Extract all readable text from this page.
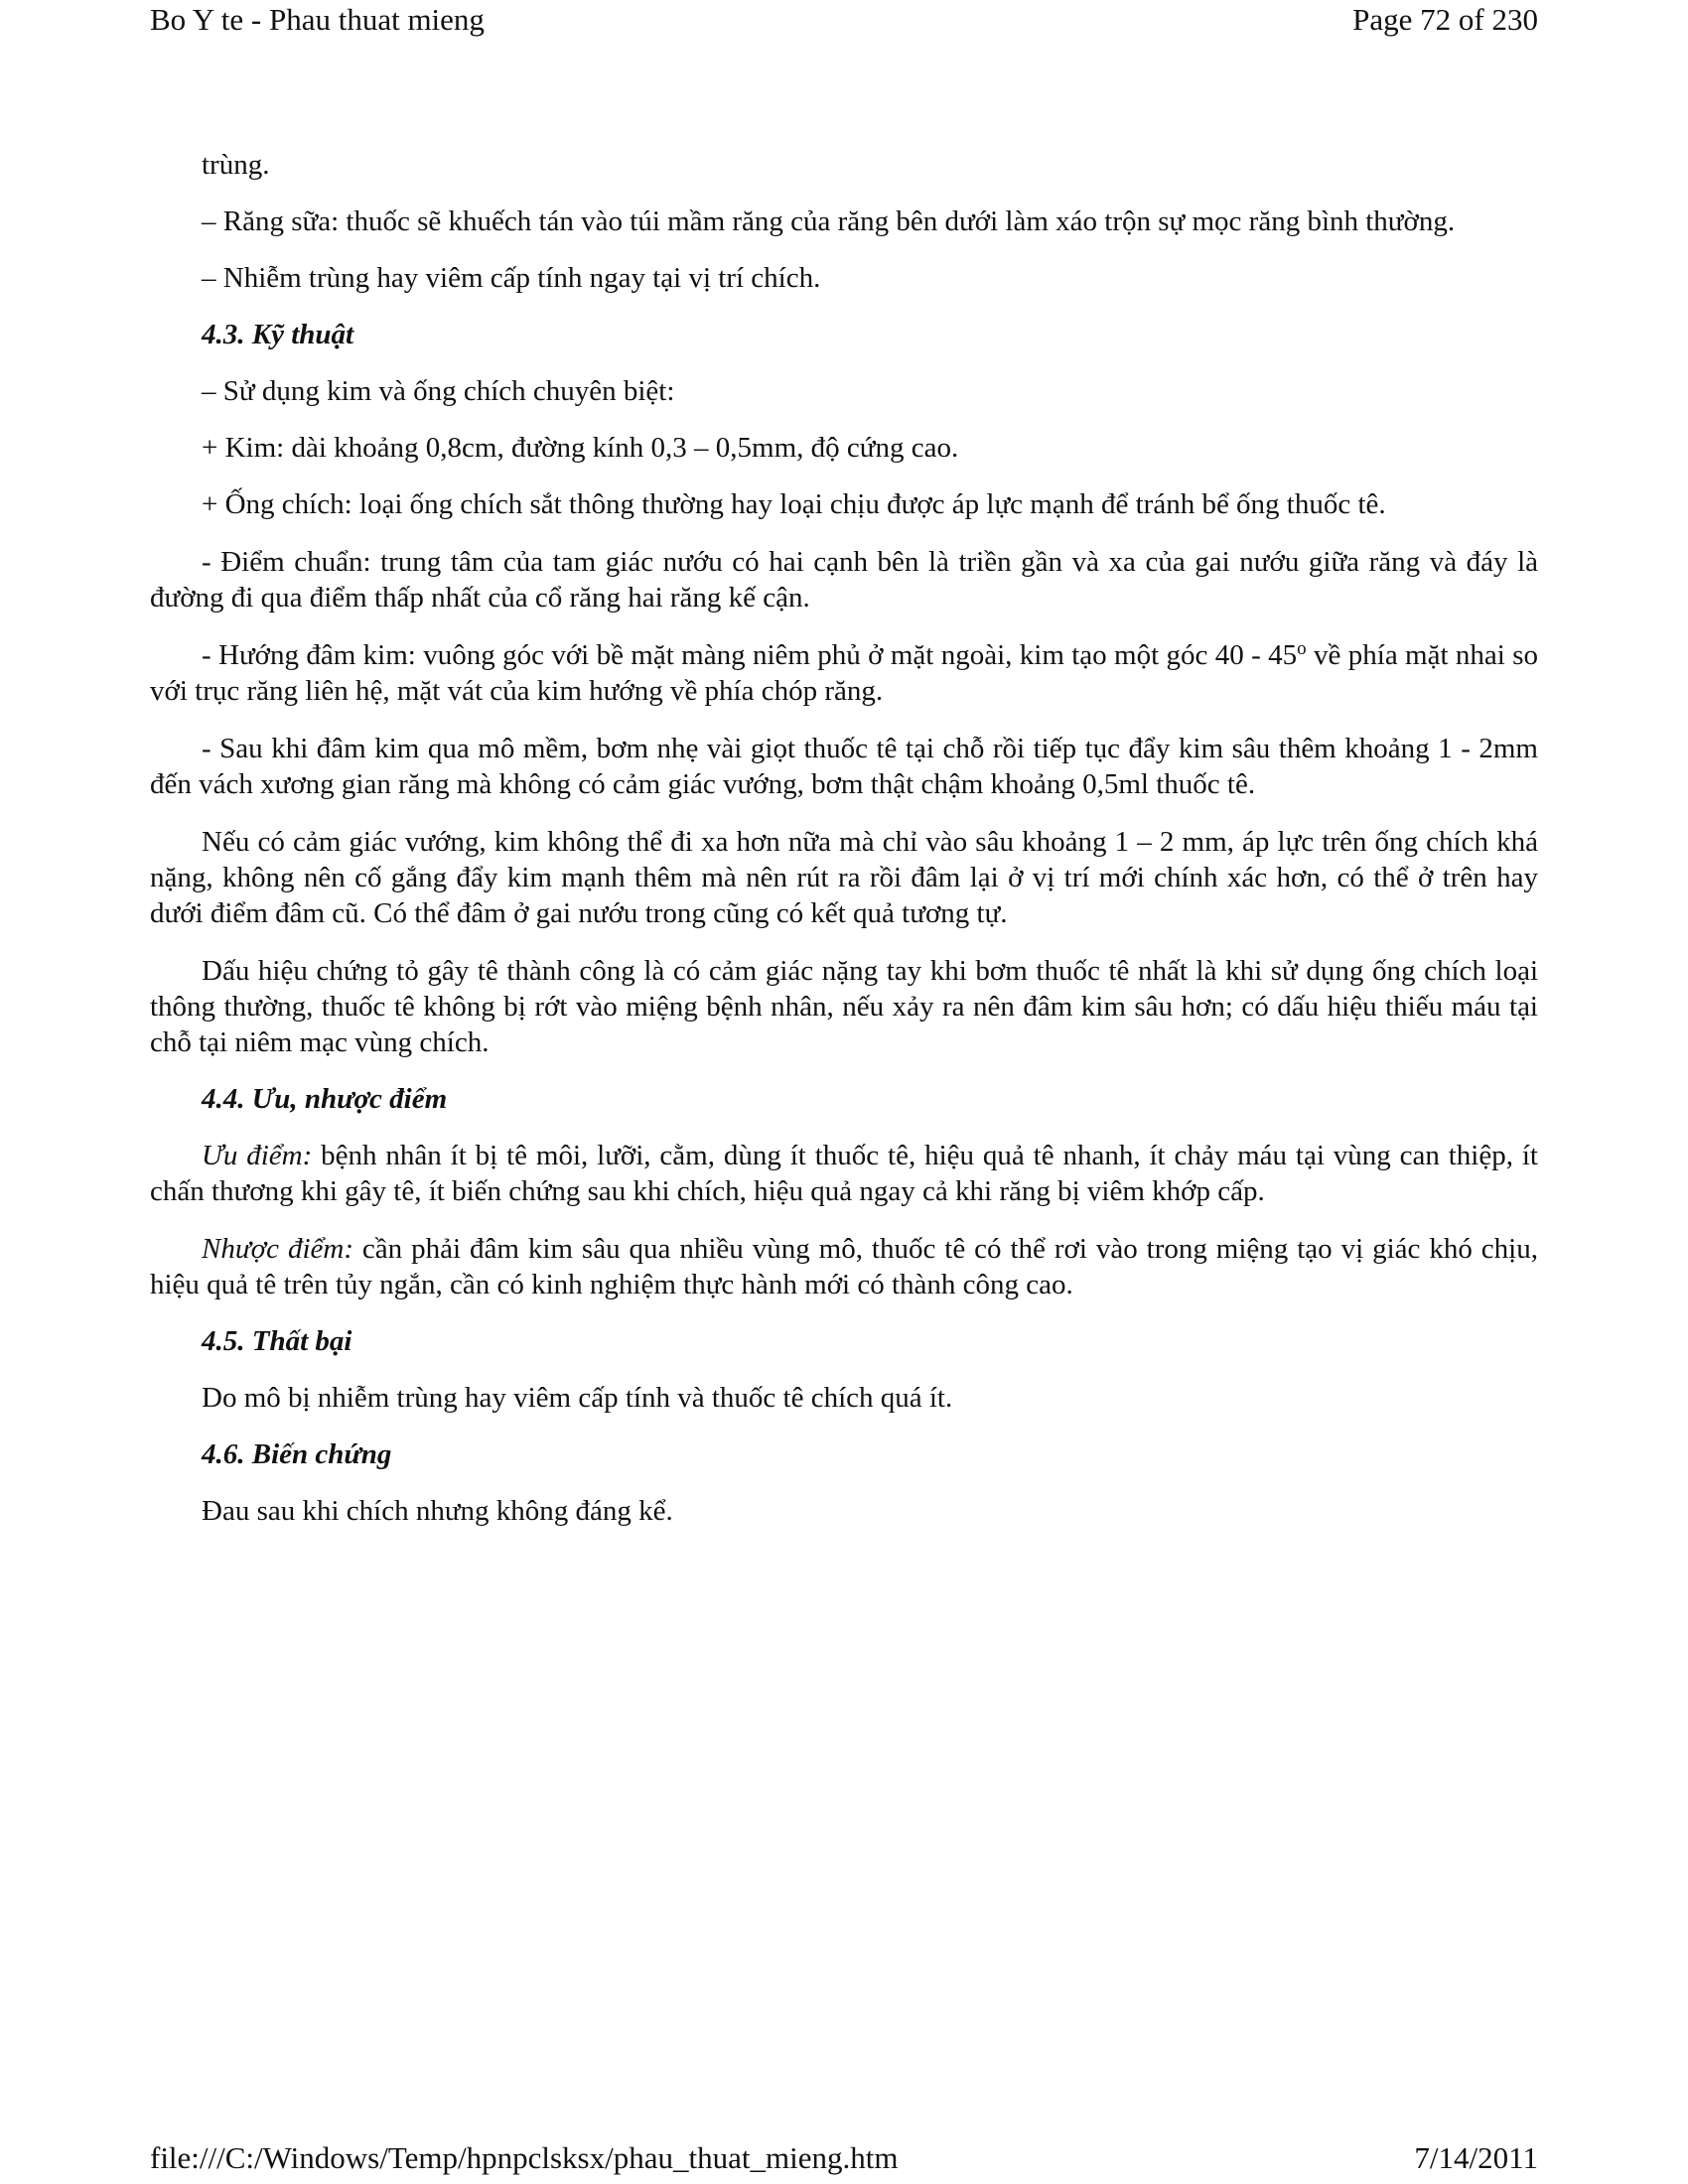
Bo Y te - Phau thuat mieng	Page 72 of 230

trùng.

– Răng sữa: thuốc sẽ khuếch tán vào túi mầm răng của răng bên dưới làm xáo trộn sự mọc răng bình thường.

– Nhiễm trùng hay viêm cấp tính ngay tại vị trí chích.

4.3. Kỹ thuật

– Sử dụng kim và ống chích chuyên biệt:

+ Kim: dài khoảng 0,8cm, đường kính 0,3 – 0,5mm, độ cứng cao.

+ Ống chích: loại ống chích sắt thông thường hay loại chịu được áp lực mạnh để tránh bể ống thuốc tê.

- Điểm chuẩn: trung tâm của tam giác nướu có hai cạnh bên là triền gần và xa của gai nướu giữa răng và đáy là đường đi qua điểm thấp nhất của cổ răng hai răng kế cận.

- Hướng đâm kim: vuông góc với bề mặt màng niêm phủ ở mặt ngoài, kim tạo một góc 40 - 45$^o$ về phía mặt nhai so với trục răng liên hệ, mặt vát của kim hướng về phía chóp răng.

- Sau khi đâm kim qua mô mềm, bơm nhẹ vài giọt thuốc tê tại chỗ rồi tiếp tục đẩy kim sâu thêm khoảng 1 - 2mm đến vách xương gian răng mà không có cảm giác vướng, bơm thật chậm khoảng 0,5ml thuốc tê.

Nếu có cảm giác vướng, kim không thể đi xa hơn nữa mà chỉ vào sâu khoảng 1 – 2 mm, áp lực trên ống chích khá nặng, không nên cố gắng đẩy kim mạnh thêm mà nên rút ra rồi đâm lại ở vị trí mới chính xác hơn, có thể ở trên hay dưới điểm đâm cũ. Có thể đâm ở gai nướu trong cũng có kết quả tương tự.

Dấu hiệu chứng tỏ gây tê thành công là có cảm giác nặng tay khi bơm thuốc tê nhất là khi sử dụng ống chích loại thông thường, thuốc tê không bị rớt vào miệng bệnh nhân, nếu xảy ra nên đâm kim sâu hơn; có dấu hiệu thiếu máu tại chỗ tại niêm mạc vùng chích.

4.4. Ưu, nhược điểm

Ưu điểm: bệnh nhân ít bị tê môi, lưỡi, cằm, dùng ít thuốc tê, hiệu quả tê nhanh, ít chảy máu tại vùng can thiệp, ít chấn thương khi gây tê, ít biến chứng sau khi chích, hiệu quả ngay cả khi răng bị viêm khớp cấp.

Nhược điểm: cần phải đâm kim sâu qua nhiều vùng mô, thuốc tê có thể rơi vào trong miệng tạo vị giác khó chịu, hiệu quả tê trên tủy ngắn, cần có kinh nghiệm thực hành mới có thành công cao.

4.5. Thất bại

Do mô bị nhiễm trùng hay viêm cấp tính và thuốc tê chích quá ít.

4.6. Biến chứng

Đau sau khi chích nhưng không đáng kể.

file:///C:/Windows/Temp/hpnpclsksx/phau_thuat_mieng.htm	7/14/2011
